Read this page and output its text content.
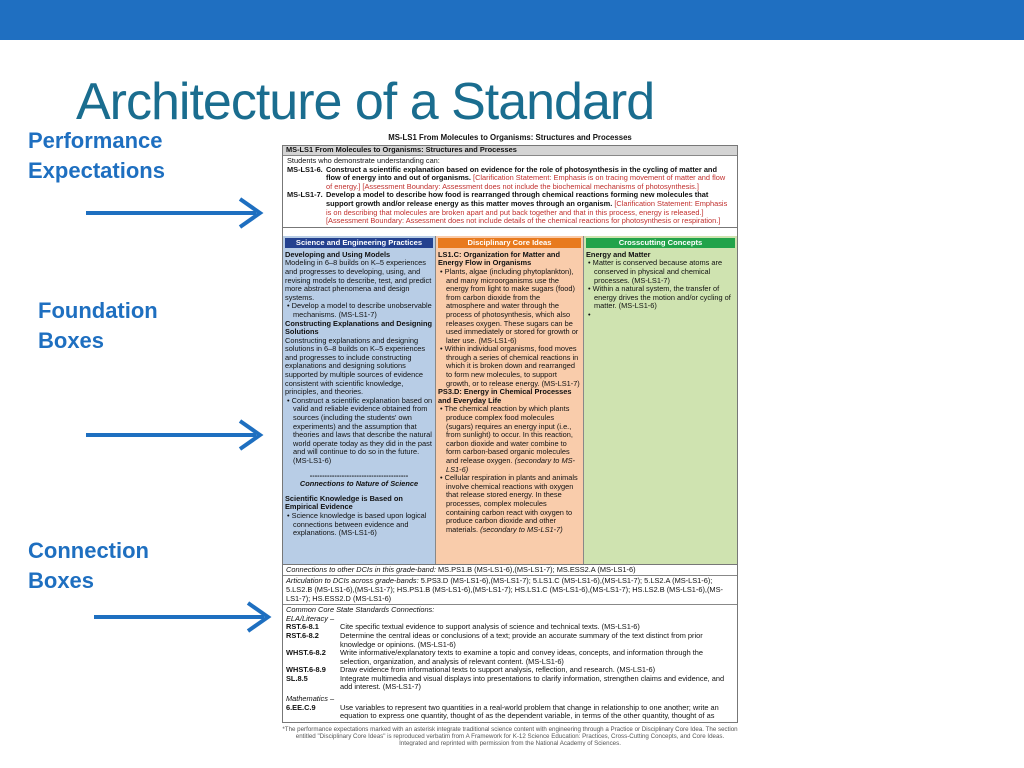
Architecture of a Standard
Performance
Expectations
Foundation
Boxes
Connection
Boxes
MS-LS1 From Molecules to Organisms: Structures and Processes
MS-LS1 From Molecules to Organisms: Structures and Processes
Students who demonstrate understanding can:
MS-LS1-6. Construct a scientific explanation based on evidence for the role of photosynthesis in the cycling of matter and flow of energy into and out of organisms. [Clarification Statement: Emphasis is on tracing movement of matter and flow of energy.] [Assessment Boundary: Assessment does not include the biochemical mechanisms of photosynthesis.]
MS-LS1-7. Develop a model to describe how food is rearranged through chemical reactions forming new molecules that support growth and/or release energy as this matter moves through an organism. [Clarification Statement: Emphasis is on describing that molecules are broken apart and put back together and that in this process, energy is released.] [Assessment Boundary: Assessment does not include details of the chemical reactions for photosynthesis or respiration.]
Science and Engineering Practices
Developing and Using Models
Modeling in 6–8 builds on K–5 experiences and progresses to developing, using, and revising models to describe, test, and predict more abstract phenomena and design systems.
• Develop a model to describe unobservable mechanisms. (MS-LS1-7)
Constructing Explanations and Designing Solutions
Constructing explanations and designing solutions in 6–8 builds on K–5 experiences and progresses to include constructing explanations and designing solutions supported by multiple sources of evidence consistent with scientific knowledge, principles, and theories.
• Construct a scientific explanation based on valid and reliable evidence obtained from sources (including the students' own experiments) and the assumption that theories and laws that describe the natural world operate today as they did in the past and will continue to do so in the future. (MS-LS1-6)
----------------------------------------
Connections to Nature of Science
Scientific Knowledge is Based on Empirical Evidence
• Science knowledge is based upon logical connections between evidence and explanations. (MS-LS1-6)
Disciplinary Core Ideas
LS1.C: Organization for Matter and Energy Flow in Organisms
• Plants, algae (including phytoplankton), and many microorganisms use the energy from light to make sugars (food) from carbon dioxide from the atmosphere and water through the process of photosynthesis, which also releases oxygen. These sugars can be used immediately or stored for growth or later use. (MS-LS1-6)
• Within individual organisms, food moves through a series of chemical reactions in which it is broken down and rearranged to form new molecules, to support growth, or to release energy. (MS-LS1-7)
PS3.D: Energy in Chemical Processes and Everyday Life
• The chemical reaction by which plants produce complex food molecules (sugars) requires an energy input (i.e., from sunlight) to occur. In this reaction, carbon dioxide and water combine to form carbon-based organic molecules and release oxygen. (secondary to MS-LS1-6)
• Cellular respiration in plants and animals involve chemical reactions with oxygen that release stored energy. In these processes, complex molecules containing carbon react with oxygen to produce carbon dioxide and other materials. (secondary to MS-LS1-7)
Crosscutting Concepts
Energy and Matter
• Matter is conserved because atoms are conserved in physical and chemical processes. (MS-LS1-7)
• Within a natural system, the transfer of energy drives the motion and/or cycling of matter. (MS-LS1-6)
•
Connections to other DCIs in this grade-band: MS.PS1.B (MS-LS1-6),(MS-LS1-7); MS.ESS2.A (MS-LS1-6)
Articulation to DCIs across grade-bands: 5.PS3.D (MS-LS1-6),(MS-LS1-7); 5.LS1.C (MS-LS1-6),(MS-LS1-7); 5.LS2.A (MS-LS1-6); 5.LS2.B (MS-LS1-6),(MS-LS1-7); HS.PS1.B (MS-LS1-6),(MS-LS1-7); HS.LS1.C (MS-LS1-6),(MS-LS1-7); HS.LS2.B (MS-LS1-6),(MS-LS1-7); HS.ESS2.D (MS-LS1-6)
Common Core State Standards Connections:
ELA/Literacy –
RST.6-8.1	Cite specific textual evidence to support analysis of science and technical texts. (MS-LS1-6)
RST.6-8.2	Determine the central ideas or conclusions of a text; provide an accurate summary of the text distinct from prior knowledge or opinions. (MS-LS1-6)
WHST.6-8.2	Write informative/explanatory texts to examine a topic and convey ideas, concepts, and information through the selection, organization, and analysis of relevant content. (MS-LS1-6)
WHST.6-8.9	Draw evidence from informational texts to support analysis, reflection, and research. (MS-LS1-6)
SL.8.5	Integrate multimedia and visual displays into presentations to clarify information, strengthen claims and evidence, and add interest. (MS-LS1-7)
Mathematics –
6.EE.C.9	Use variables to represent two quantities in a real-world problem that change in relationship to one another; write an equation to express one quantity, thought of as the dependent variable, in terms of the other quantity, thought of as
*The performance expectations marked with an asterisk integrate traditional science content with engineering through a Practice or Disciplinary Core Idea. The section entitled "Disciplinary Core Ideas" is reproduced verbatim from A Framework for K-12 Science Education: Practices, Cross-Cutting Concepts, and Core Ideas. Integrated and reprinted with permission from the National Academy of Sciences.
